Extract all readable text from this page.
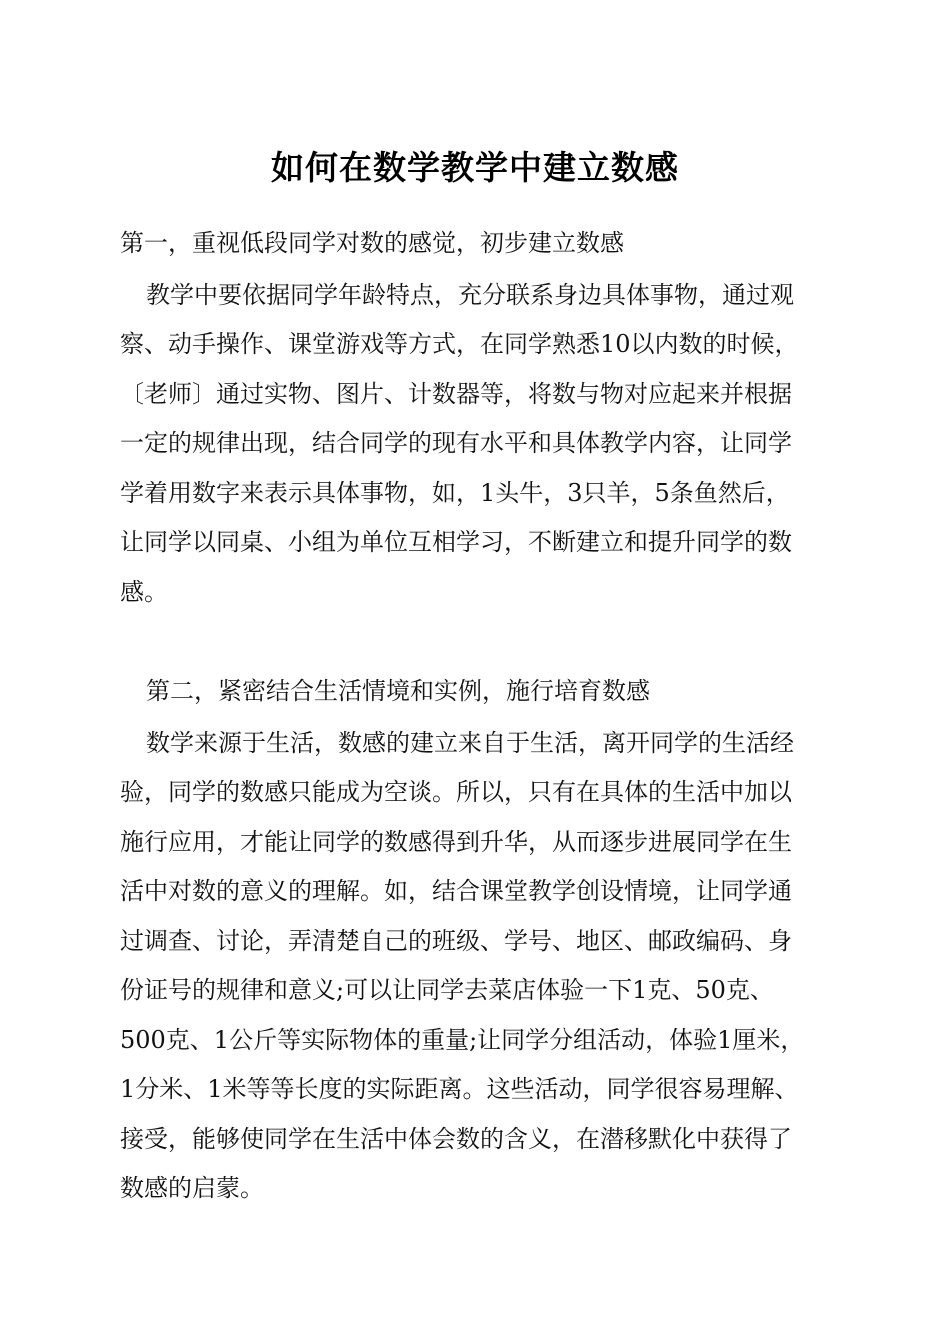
如何在数学教学中建立数感
第一，重视低段同学对数的感觉，初步建立数感
教学中要依据同学年龄特点，充分联系身边具体事物，通过观
察、动手操作、课堂游戏等方式，在同学熟悉10以内数的时候，
〔老师〕通过实物、图片、计数器等，将数与物对应起来并根据
一定的规律出现，结合同学的现有水平和具体教学内容，让同学
学着用数字来表示具体事物，如，1头牛，3只羊，5条鱼然后，
让同学以同桌、小组为单位互相学习，不断建立和提升同学的数
感。
第二，紧密结合生活情境和实例，施行培育数感
数学来源于生活，数感的建立来自于生活，离开同学的生活经
验，同学的数感只能成为空谈。所以，只有在具体的生活中加以
施行应用，才能让同学的数感得到升华，从而逐步进展同学在生
活中对数的意义的理解。如，结合课堂教学创设情境，让同学通
过调查、讨论，弄清楚自己的班级、学号、地区、邮政编码、身
份证号的规律和意义;可以让同学去菜店体验一下1克、50克、
500克、1公斤等实际物体的重量;让同学分组活动，体验1厘米，
1分米、1米等等长度的实际距离。这些活动，同学很容易理解、
接受，能够使同学在生活中体会数的含义，在潜移默化中获得了
数感的启蒙。
